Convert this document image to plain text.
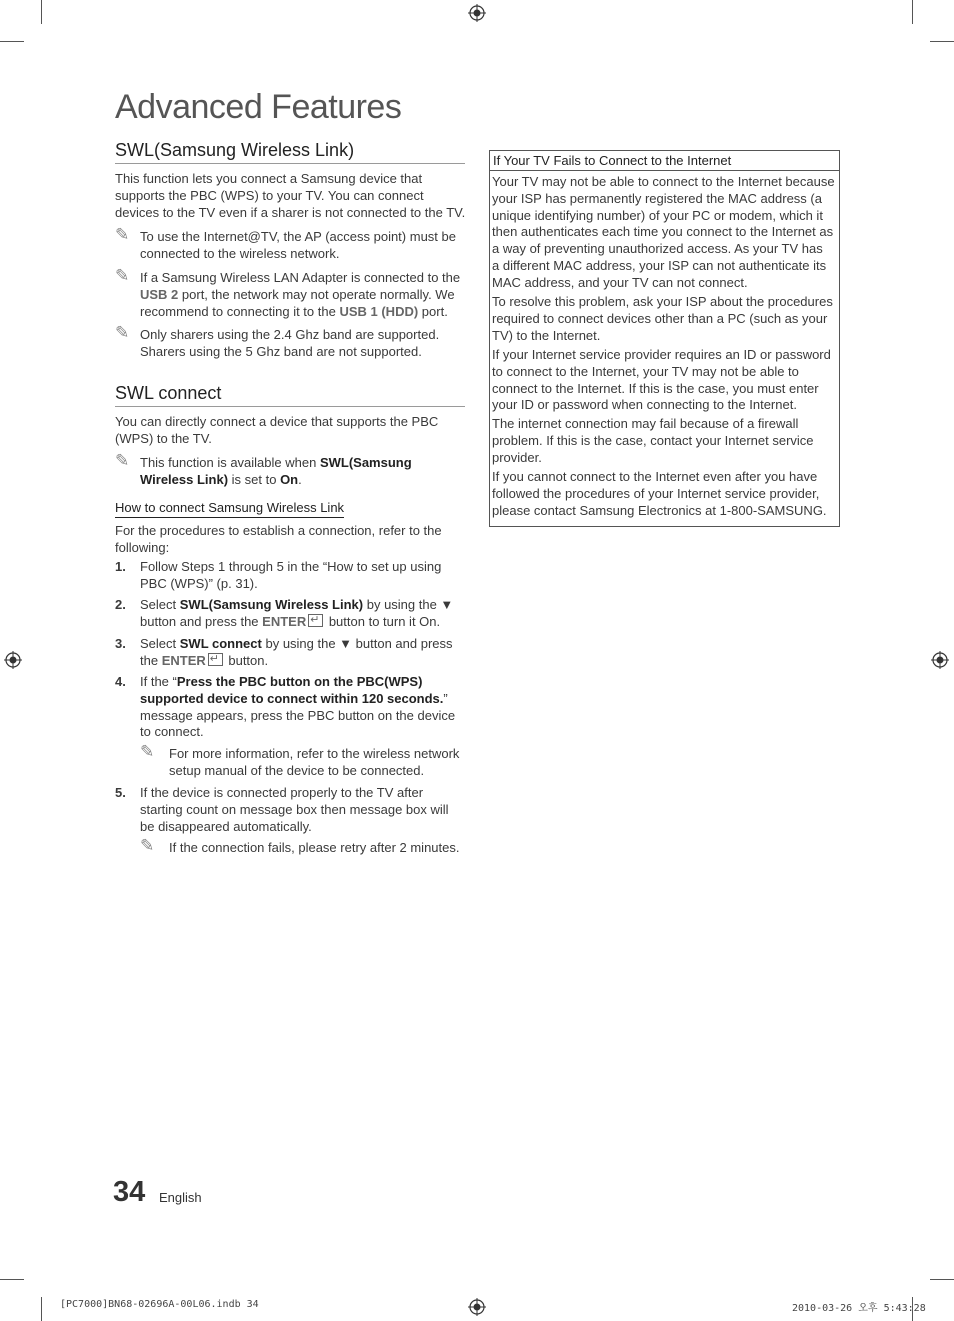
Advanced Features
SWL(Samsung Wireless Link)
This function lets you connect a Samsung device that
supports the PBC (WPS) to your TV. You can connect
devices to the TV even if a sharer is not connected to the TV.
✎ To use the Internet@TV, the AP (access point) must be
connected to the wireless network.
✎ If a Samsung Wireless LAN Adapter is connected to the
USB 2 port, the network may not operate normally. We
recommend to connecting it to the USB 1 (HDD) port.
✎ Only sharers using the 2.4 Ghz band are supported.
Sharers using the 5 Ghz band are not supported.
SWL connect
You can directly connect a device that supports the PBC
(WPS) to the TV.
✎ This function is available when SWL(Samsung
Wireless Link) is set to On.
How to connect Samsung Wireless Link
For the procedures to establish a connection, refer to the
following:
1. Follow Steps 1 through 5 in the “How to set up using
PBC (WPS)” (p. 31).
2. Select SWL(Samsung Wireless Link) by using the ▼
button and press the ENTER↵ button to turn it On.
3. Select SWL connect by using the ▼ button and press
the ENTER↵ button.
4. If the “Press the PBC button on the PBC(WPS)
supported device to connect within 120 seconds.”
message appears, press the PBC button on the device
to connect.
✎ For more information, refer to the wireless network
setup manual of the device to be connected.
5. If the device is connected properly to the TV after
starting count on message box then message box will
be disappeared automatically.
✎ If the connection fails, please retry after 2 minutes.
If Your TV Fails to Connect to the Internet
Your TV may not be able to connect to the Internet because
your ISP has permanently registered the MAC address (a
unique identifying number) of your PC or modem, which it
then authenticates each time you connect to the Internet as
a way of preventing unauthorized access. As your TV has
a different MAC address, your ISP can not authenticate its
MAC address, and your TV can not connect.
To resolve this problem, ask your ISP about the procedures
required to connect devices other than a PC (such as your
TV) to the Internet.
If your Internet service provider requires an ID or password
to connect to the Internet, your TV may not be able to
connect to the Internet. If this is the case, you must enter
your ID or password when connecting to the Internet.
The internet connection may fail because of a firewall
problem. If this is the case, contact your Internet service
provider.
If you cannot connect to the Internet even after you have
followed the procedures of your Internet service provider,
please contact Samsung Electronics at 1-800-SAMSUNG.
34 English
[PC7000]BN68-02696A-00L06.indb 34	2010-03-26 오후 5:43:28
